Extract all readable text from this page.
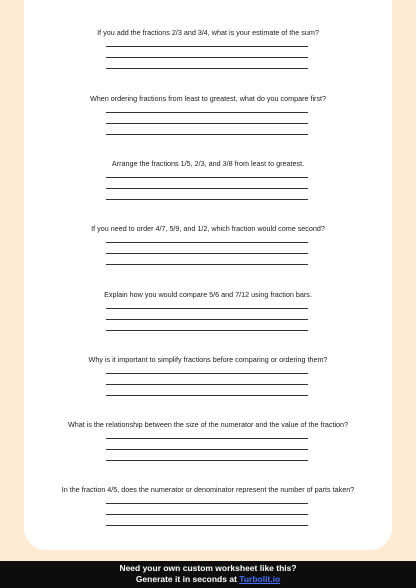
If you add the fractions 2/3 and 3/4, what is your estimate of the sum?
When ordering fractions from least to greatest, what do you compare first?
Arrange the fractions 1/5, 2/3, and 3/8 from least to greatest.
If you need to order 4/7, 5/9, and 1/2, which fraction would come second?
Explain how you would compare 5/6 and 7/12 using fraction bars.
Why is it important to simplify fractions before comparing or ordering them?
What is the relationship between the size of the numerator and the value of the fraction?
In the fraction 4/5, does the numerator or denominator represent the number of parts taken?
Need your own custom worksheet like this?
Generate it in seconds at Turbolit.io
